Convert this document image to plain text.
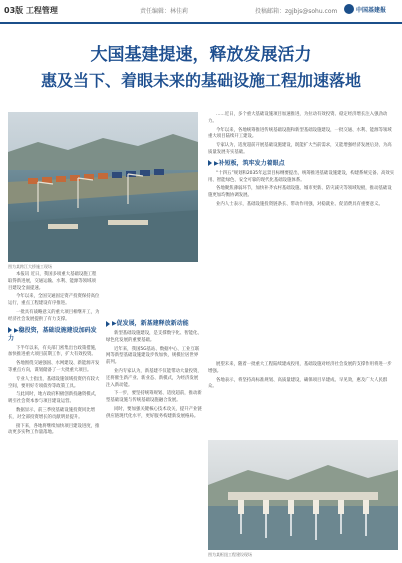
03版 工程管理	责任编辑：林佳莉	投稿邮箱：zgjbjs@sohu.com	中国基建报
大国基建提速，释放发展活力
惠及当下、着眼未来的基础设施工程加速落地
图为某跨江大桥施工现场

……近日，多个重大基础设施项目加速推进，为拉动有效投资、稳定经济增长注入强劲动力。

今年以来，各地统筹推进传统基础设施和新型基础设施建设，一批交通、水利、能源等领域重大项目陆续开工建设。

专家认为，适度超前开展基础设施建设，既能扩大当前需求，又能增强经济发展后劲，为高质量发展夯实基础。

▶补短板，筑牢发力着眼点

“十四五”规划和2035年远景目标纲要提出，统筹推进基础设施建设，构建系统完备、高效实用、智能绿色、安全可靠的现代化基础设施体系。

各地聚焦薄弱环节，加快补齐农村基础设施、城市更新、防灾减灾等领域短板，推动基础设施更加均衡协调发展。

业内人士表示，基础设施投资链条长、带动作用强，对稳就业、促消费具有重要意义。

本报讯 近日，我国多项重大基础设施工程取得新进展，交通运输、水利、能源等领域项目建设全面提速。

今年以来，全国交通固定资产投资保持高位运行，重点工程建设有序推进。

一批具有战略意义的重大项目相继开工，为经济社会发展提供了有力支撑。

▶稳投资，基础设施建设加码发力

下半年以来，有关部门密集出台政策措施，加快推进重大项目前期工作，扩大有效投资。

各地围绕交通强国、水网建设、新能源开发等重点方向，谋划储备了一大批重大项目。

专业人士指出，基础设施领域投资仍有较大空间，要用好专项债券等政策工具。

与此同时，地方政府积极创新投融资模式，吸引社会资本参与项目建设运营。

数据显示，前三季度基础设施投资同比增长，对全部投资增长的贡献明显提升。

接下来，各地将继续加快项目建设进度，推动更多实物工作量落地。

▶促发展，新基建释放新动能

新型基础设施建设，是支撑数字化、智能化、绿色化发展的重要基础。

近年来，我国5G基站、数据中心、工业互联网等新型基础设施建设步伐加快，规模位居世界前列。

业内专家认为，新基建不仅能带动大量投资，还将催生新产业、新业态、新模式，为经济发展注入新动能。

下一步，要坚持统筹规划、适度超前，推动新型基础设施与传统基础设施融合发展。

同时，要加强关键核心技术攻关，提升产业链供应链现代化水平，更好服务构建新发展格局。

图为某枢纽工程建设现场

展望未来，随着一批重大工程陆续建成投用，基础设施对经济社会发展的支撑作用将进一步增强。

各地表示，将坚持高标准规划、高质量建设，确保项目早建成、早见效，惠及广大人民群众。
